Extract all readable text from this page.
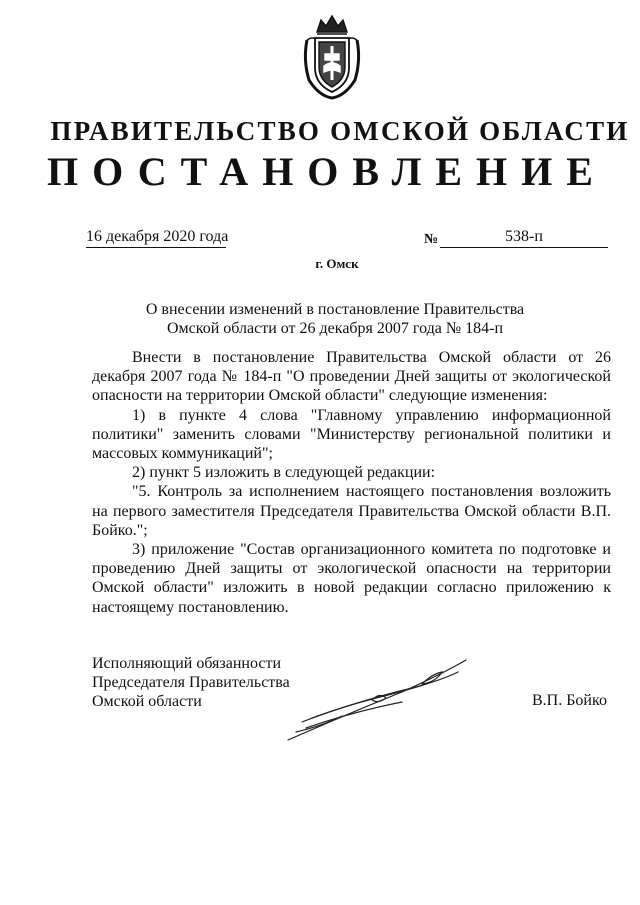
ПРАВИТЕЛЬСТВО ОМСКОЙ ОБЛАСТИ
ПОСТАНОВЛЕНИЕ
16 декабря 2020 года	№	538-п
г. Омск
О внесении изменений в постановление Правительства
Омской области от 26 декабря 2007 года № 184-п

Внести в постановление Правительства Омской области от 26 декабря 2007 года № 184-п "О проведении Дней защиты от экологической опасности на территории Омской области" следующие изменения:

1) в пункте 4 слова "Главному управлению информационной политики" заменить словами "Министерству региональной политики и массовых коммуникаций";

2) пункт 5 изложить в следующей редакции:

"5. Контроль за исполнением настоящего постановления возложить на первого заместителя Председателя Правительства Омской области В.П. Бойко.";

3) приложение "Состав организационного комитета по подготовке и проведению Дней защиты от экологической опасности на территории Омской области" изложить в новой редакции согласно приложению к настоящему постановлению.

Исполняющий обязанности
Председателя Правительства
Омской области	В.П. Бойко
